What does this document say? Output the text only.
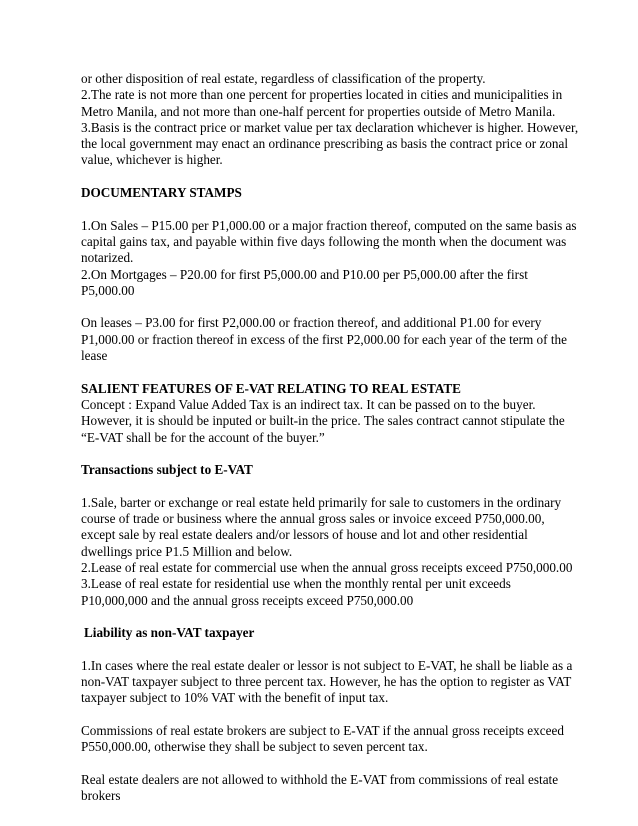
or other disposition of real estate, regardless of classification of the property.
2.The rate is not more than one percent for properties located in cities and municipalities in
Metro Manila, and not more than one-half percent for properties outside of Metro Manila.
3.Basis is the contract price or market value per tax declaration whichever is higher. However,
the local government may enact an ordinance prescribing as basis the contract price or zonal
value, whichever is higher.
DOCUMENTARY STAMPS
1.On Sales – P15.00 per P1,000.00 or a major fraction thereof, computed on the same basis as
capital gains tax, and payable within five days following the month when the document was
notarized.
2.On Mortgages – P20.00 for first P5,000.00 and P10.00 per P5,000.00 after the first
P5,000.00
On leases – P3.00 for first P2,000.00 or fraction thereof, and additional P1.00 for every
P1,000.00 or fraction thereof in excess of the first P2,000.00 for each year of the term of the
lease
SALIENT FEATURES OF E-VAT RELATING TO REAL ESTATE
Concept : Expand Value Added Tax is an indirect tax. It can be passed on to the buyer.
However, it is should be inputed or built-in the price. The sales contract cannot stipulate the
“E-VAT shall be for the account of the buyer.”
Transactions subject to E-VAT
1.Sale, barter or exchange or real estate held primarily for sale to customers in the ordinary
course of trade or business where the annual gross sales or invoice exceed P750,000.00,
except sale by real estate dealers and/or lessors of house and lot and other residential
dwellings price P1.5 Million and below.
2.Lease of real estate for commercial use when the annual gross receipts exceed P750,000.00
3.Lease of real estate for residential use when the monthly rental per unit exceeds
P10,000,000 and the annual gross receipts exceed P750,000.00
Liability as non-VAT taxpayer
1.In cases where the real estate dealer or lessor is not subject to E-VAT, he shall be liable as a
non-VAT taxpayer subject to three percent tax. However, he has the option to register as VAT
taxpayer subject to 10% VAT with the benefit of input tax.
Commissions of real estate brokers are subject to E-VAT if the annual gross receipts exceed
P550,000.00, otherwise they shall be subject to seven percent tax.
Real estate dealers are not allowed to withhold the E-VAT from commissions of real estate
brokers
